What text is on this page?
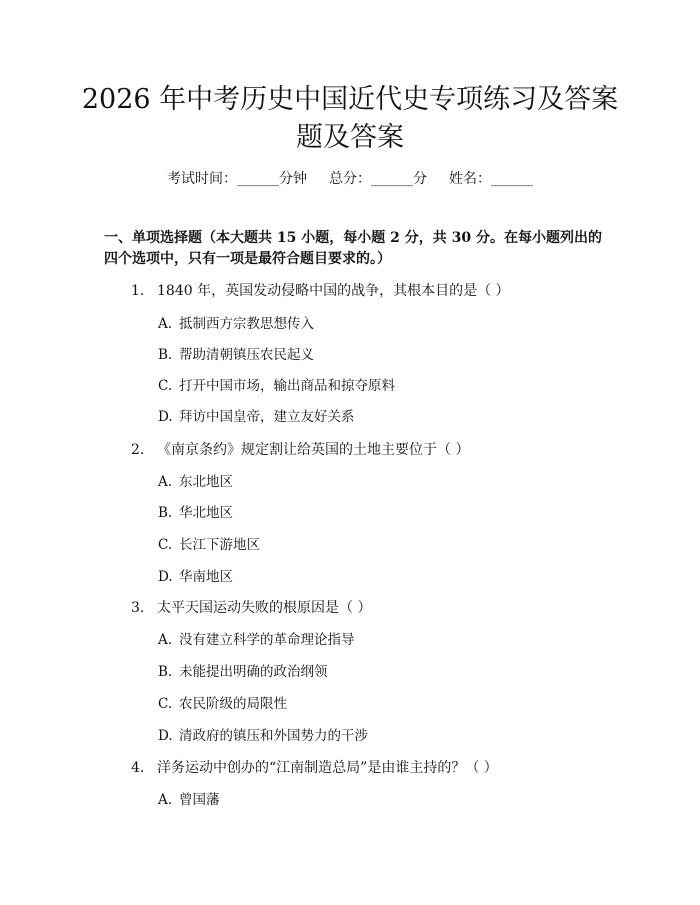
2026 年中考历史中国近代史专项练习及答案
题及答案
考试时间：______分钟 总分：______分 姓名：______
一、单项选择题（本大题共 15 小题，每小题 2 分，共 30 分。在每小题列出的四个选项中，只有一项是最符合题目要求的。）
1. 1840 年，英国发动侵略中国的战争，其根本目的是（ ）
A. 抵制西方宗教思想传入
B. 帮助清朝镇压农民起义
C. 打开中国市场，输出商品和掠夺原料
D. 拜访中国皇帝，建立友好关系
2. 《南京条约》规定割让给英国的土地主要位于（ ）
A. 东北地区
B. 华北地区
C. 长江下游地区
D. 华南地区
3. 太平天国运动失败的根原因是（ ）
A. 没有建立科学的革命理论指导
B. 未能提出明确的政治纲领
C. 农民阶级的局限性
D. 清政府的镇压和外国势力的干涉
4. 洋务运动中创办的“江南制造总局”是由谁主持的？（ ）
A. 曾国藩
